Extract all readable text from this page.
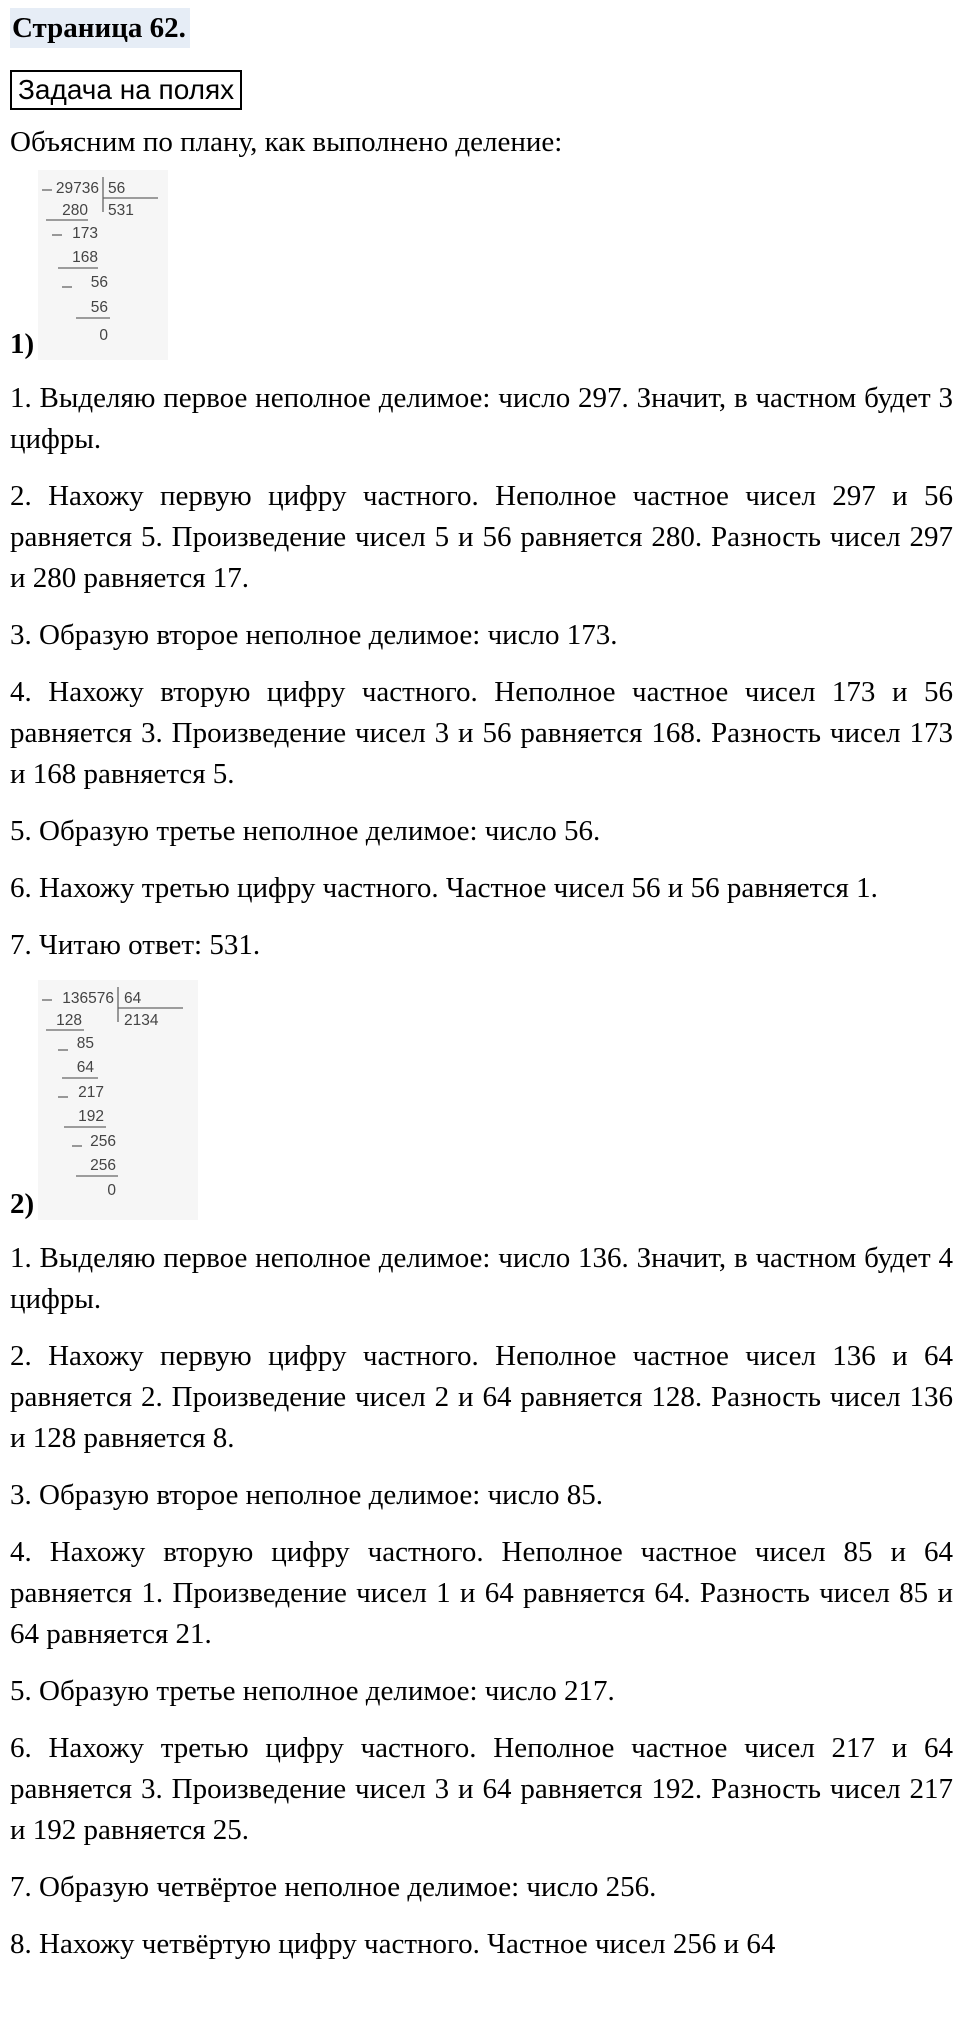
Страница 62.
Задача на полях
Объясним по плану, как выполнено деление:
1)
29736 56
531
280
173
168
56
56
0

1. Выделяю первое неполное делимое: число 297. Значит, в частном будет 3 цифры.

2. Нахожу первую цифру частного. Неполное частное чисел 297 и 56 равняется 5. Произведение чисел 5 и 56 равняется 280. Разность чисел 297 и 280 равняется 17.

3. Образую второе неполное делимое: число 173.

4. Нахожу вторую цифру частного. Неполное частное чисел 173 и 56 равняется 3. Произведение чисел 3 и 56 равняется 168. Разность чисел 173 и 168 равняется 5.

5. Образую третье неполное делимое: число 56.

6. Нахожу третью цифру частного. Частное чисел 56 и 56 равняется 1.

7. Читаю ответ: 531.

2)
136576 64
2134
128
85
64
217
192
256
256
0

1. Выделяю первое неполное делимое: число 136. Значит, в частном будет 4 цифры.

2. Нахожу первую цифру частного. Неполное частное чисел 136 и 64 равняется 2. Произведение чисел 2 и 64 равняется 128. Разность чисел 136 и 128 равняется 8.

3. Образую второе неполное делимое: число 85.

4. Нахожу вторую цифру частного. Неполное частное чисел 85 и 64 равняется 1. Произведение чисел 1 и 64 равняется 64. Разность чисел 85 и 64 равняется 21.

5. Образую третье неполное делимое: число 217.

6. Нахожу третью цифру частного. Неполное частное чисел 217 и 64 равняется 3. Произведение чисел 3 и 64 равняется 192. Разность чисел 217 и 192 равняется 25.

7. Образую четвёртое неполное делимое: число 256.

8. Нахожу четвёртую цифру частного. Частное чисел 256 и 64
